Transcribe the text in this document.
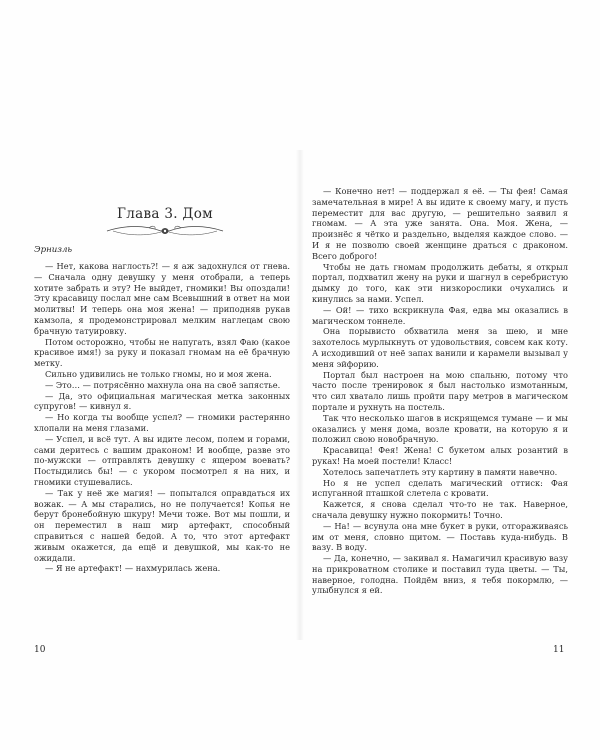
Глава 3. Дом

Эрнизль

— Нет, какова наглость?! — я аж задохнулся от гнева. — Сначала одну девушку у меня отобрали, а теперь хотите забрать и эту? Не выйдет, гномики! Вы опоздали! Эту красавицу послал мне сам Всевышний в ответ на мои молитвы! И теперь она моя жена! — приподняв рукав камзола, я продемонстрировал мелким наглецам свою брачную татуировку.

Потом осторожно, чтобы не напугать, взял Фаю (какое красивое имя!) за руку и показал гномам на её брачную метку.

Сильно удивились не только гномы, но и моя жена.

— Это… — потрясённо махнула она на своё запястье.

— Да, это официальная магическая метка законных супругов! — кивнул я.

— Но когда ты вообще успел? — гномики растерянно хлопали на меня глазами.

— Успел, и всё тут. А вы идите лесом, полем и горами, сами деритесь с вашим драконом! И вообще, разве это по-мужски — отправлять девушку с ящером воевать? Постыдились бы! — с укором посмотрел я на них, и гномики стушевались.

— Так у неё же магия! — попытался оправдаться их вожак. — А мы старались, но не получается! Копья не берут бронебойную шкуру! Мечи тоже. Вот мы пошли, и он переместил в наш мир артефакт, способный справиться с нашей бедой. А то, что этот артефакт живым окажется, да ещё и девушкой, мы как-то не ожидали.

— Я не артефакт! — нахмурилась жена.

10

— Конечно нет! — поддержал я её. — Ты фея! Самая замечательная в мире! А вы идите к своему магу, и пусть переместит для вас другую, — решительно заявил я гномам. — А эта уже занята. Она. Моя. Жена, — произнёс я чётко и раздельно, выделяя каждое слово. — И я не позволю своей женщине драться с драконом. Всего доброго!

Чтобы не дать гномам продолжить дебаты, я открыл портал, подхватил жену на руки и шагнул в серебристую дымку до того, как эти низкорослики очухались и кинулись за нами. Успел.

— Ой! — тихо вскрикнула Фая, едва мы оказались в магическом тоннеле.

Она порывисто обхватила меня за шею, и мне захотелось мурлыкнуть от удовольствия, совсем как коту. А исходивший от неё запах ванили и карамели вызывал у меня эйфорию.

Портал был настроен на мою спальню, потому что часто после тренировок я был настолько измотанным, что сил хватало лишь пройти пару метров в магическом портале и рухнуть на постель.

Так что несколько шагов в искрящемся тумане — и мы оказались у меня дома, возле кровати, на которую я и положил свою новобрачную.

Красавица! Фея! Жена! С букетом алых розантий в руках! На моей постели! Класс!

Хотелось запечатлеть эту картину в памяти навечно.

Но я не успел сделать магический оттиск: Фая испуганной пташкой слетела с кровати.

Кажется, я снова сделал что-то не так. Наверное, сначала девушку нужно покормить! Точно.

— На! — всунула она мне букет в руки, отгораживаясь им от меня, словно щитом. — Поставь куда-нибудь. В вазу. В воду.

— Да, конечно, — закивал я. Намагичил красивую вазу на прикроватном столике и поставил туда цветы. — Ты, наверное, голодна. Пойдём вниз, я тебя покормлю, — улыбнулся я ей.

11
